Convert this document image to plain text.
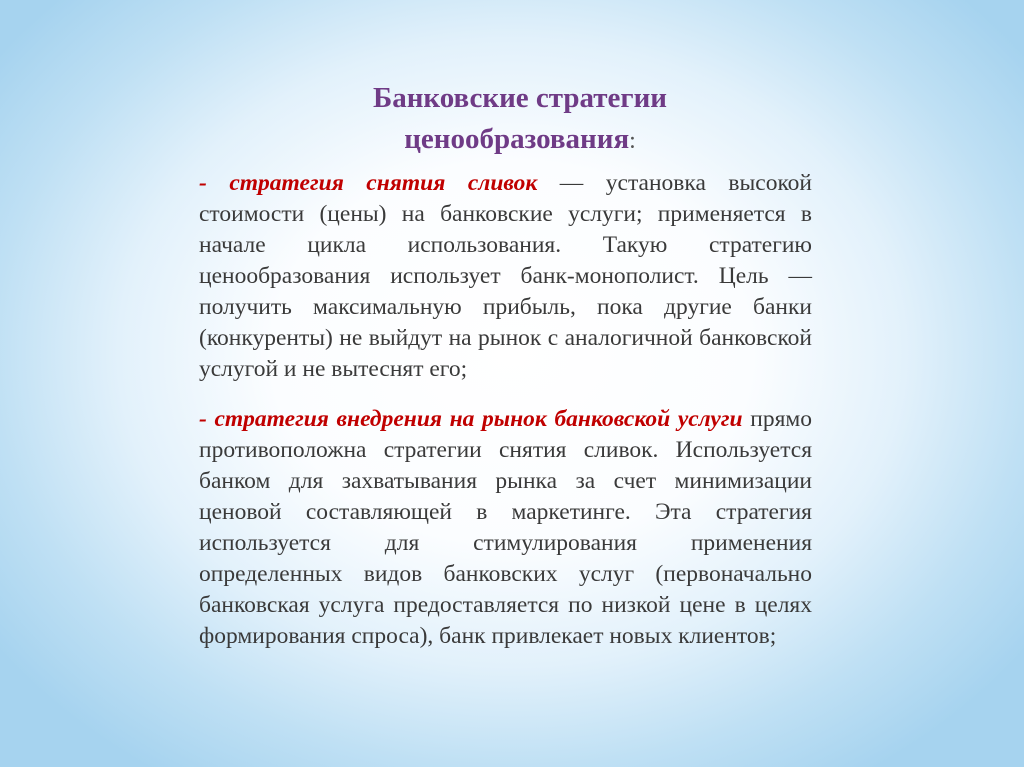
Банковские стратегии
ценообразования:
- стратегия снятия сливок — установка высокой стоимости (цены) на банковские услуги; применяется в начале цикла использования. Такую стратегию ценообразования использует банк-монополист. Цель — получить максимальную прибыль, пока другие банки (конкуренты) не выйдут на рынок с аналогичной банковской услугой и не вытеснят его;
- стратегия внедрения на рынок банковской услуги прямо противоположна стратегии снятия сливок. Используется банком для захватывания рынка за счет минимизации ценовой составляющей в маркетинге. Эта стратегия используется для стимулирования применения определенных видов банковских услуг (первоначально банковская услуга предоставляется по низкой цене в целях формирования спроса), банк привлекает новых клиентов;
